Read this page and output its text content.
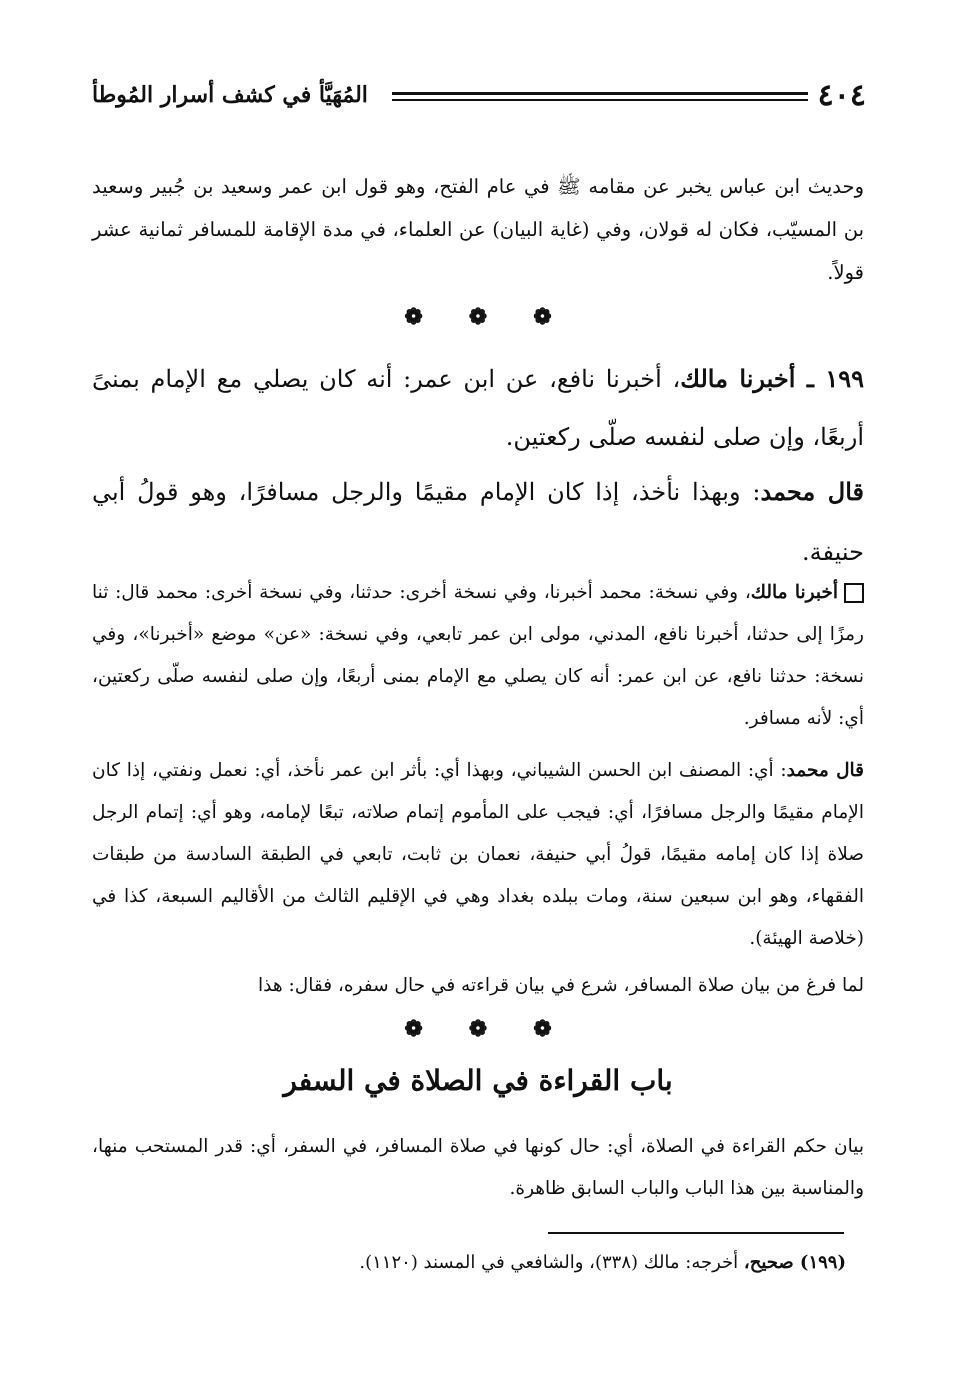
٤٠٤
المُهَيَّأ في كشف أسرار المُوطأ

وحديث ابن عباس يخبر عن مقامه ﷺ في عام الفتح، وهو قول ابن عمر وسعيد بن جُبير وسعيد بن المسيّب، فكان له قولان، وفي (غاية البيان) عن العلماء، في مدة الإقامة للمسافر ثمانية عشر قولاً.

❁❁❁

١٩٩ ـ أخبرنا مالك، أخبرنا نافع، عن ابن عمر: أنه كان يصلي مع الإمام بمنىً أربعًا، وإن صلى لنفسه صلّى ركعتين.

قال محمد: وبهذا نأخذ، إذا كان الإمام مقيمًا والرجل مسافرًا، وهو قولُ أبي حنيفة.

أخبرنا مالك، وفي نسخة: محمد أخبرنا، وفي نسخة أخرى: حدثنا، وفي نسخة أخرى: محمد قال: ثنا رمزًا إلى حدثنا، أخبرنا نافع، المدني، مولى ابن عمر تابعي، وفي نسخة: «عن» موضع «أخبرنا»، وفي نسخة: حدثنا نافع، عن ابن عمر: أنه كان يصلي مع الإمام بمنى أربعًا، وإن صلى لنفسه صلّى ركعتين، أي: لأنه مسافر.

قال محمد: أي: المصنف ابن الحسن الشيباني، وبهذا أي: بأثر ابن عمر نأخذ، أي: نعمل ونفتي، إذا كان الإمام مقيمًا والرجل مسافرًا، أي: فيجب على المأموم إتمام صلاته، تبعًا لإمامه، وهو أي: إتمام الرجل صلاة إذا كان إمامه مقيمًا، قولُ أبي حنيفة، نعمان بن ثابت، تابعي في الطبقة السادسة من طبقات الفقهاء، وهو ابن سبعين سنة، ومات ببلده بغداد وهي في الإقليم الثالث من الأقاليم السبعة، كذا في (خلاصة الهيئة).

لما فرغ من بيان صلاة المسافر، شرع في بيان قراءته في حال سفره، فقال: هذا

❁❁❁
باب القراءة في الصلاة في السفر

بيان حكم القراءة في الصلاة، أي: حال كونها في صلاة المسافر، في السفر، أي: قدر المستحب منها، والمناسبة بين هذا الباب والباب السابق ظاهرة.

(١٩٩) صحيح، أخرجه: مالك (٣٣٨)، والشافعي في المسند (١١٢٠).
